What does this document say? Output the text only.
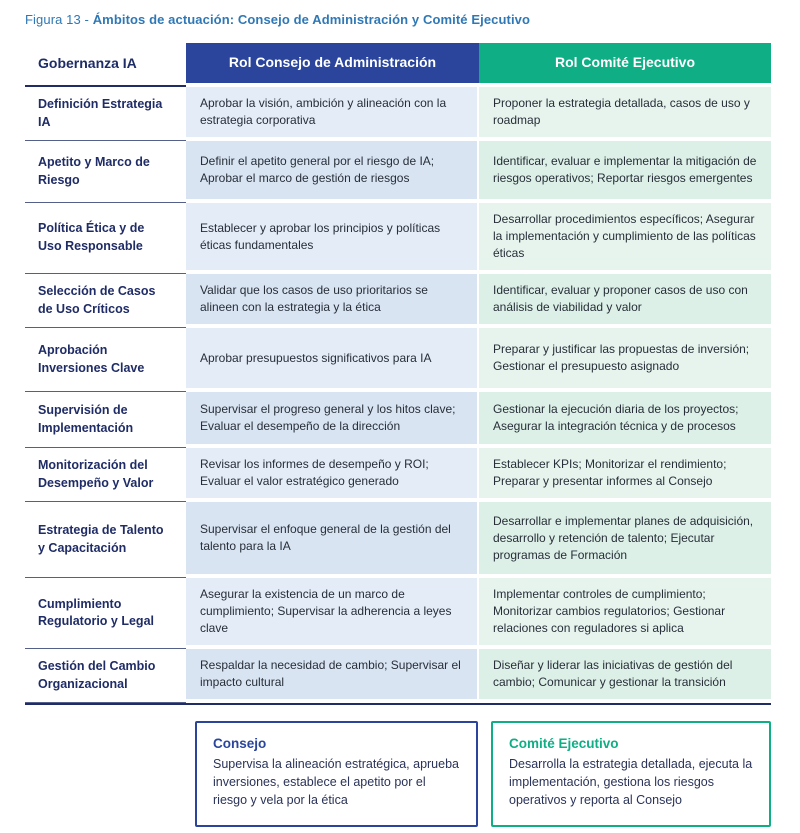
Figura 13 - Ámbitos de actuación: Consejo de Administración y Comité Ejecutivo
Gobernanza IA	Rol Consejo de Administración	Rol Comité Ejecutivo
Definición Estrategia IA
Aprobar la visión, ambición y alineación con la estrategia corporativa
Proponer la estrategia detallada, casos de uso y roadmap
Apetito y Marco de Riesgo
Definir el apetito general por el riesgo de IA; Aprobar el marco de gestión de riesgos
Identificar, evaluar e implementar la mitigación de riesgos operativos; Reportar riesgos emergentes
Política Ética y de Uso Responsable
Establecer y aprobar los principios y políticas éticas fundamentales
Desarrollar procedimientos específicos; Asegurar la implementación y cumplimiento de las políticas éticas
Selección de Casos de Uso Críticos
Validar que los casos de uso prioritarios se alineen con la estrategia y la ética
Identificar, evaluar y proponer casos de uso con análisis de viabilidad y valor
Aprobación Inversiones Clave
Aprobar presupuestos significativos para IA
Preparar y justificar las propuestas de inversión; Gestionar el presupuesto asignado
Supervisión de Implementación
Supervisar el progreso general y los hitos clave; Evaluar el desempeño de la dirección
Gestionar la ejecución diaria de los proyectos; Asegurar la integración técnica y de procesos
Monitorización del Desempeño y Valor
Revisar los informes de desempeño y ROI; Evaluar el valor estratégico generado
Establecer KPIs; Monitorizar el rendimiento; Preparar y presentar informes al Consejo
Estrategia de Talento y Capacitación
Supervisar el enfoque general de la gestión del talento para la IA
Desarrollar e implementar planes de adquisición, desarrollo y retención de talento; Ejecutar programas de Formación
Cumplimiento Regulatorio y Legal
Asegurar la existencia de un marco de cumplimiento; Supervisar la adherencia a leyes clave
Implementar controles de cumplimiento; Monitorizar cambios regulatorios; Gestionar relaciones con reguladores si aplica
Gestión del Cambio Organizacional
Respaldar la necesidad de cambio; Supervisar el impacto cultural
Diseñar y liderar las iniciativas de gestión del cambio; Comunicar y gestionar la transición
Consejo

Supervisa la alineación estratégica, aprueba inversiones, establece el apetito por el riesgo y vela por la ética

Comité Ejecutivo

Desarrolla la estrategia detallada, ejecuta la implementación, gestiona los riesgos operativos y reporta al Consejo
